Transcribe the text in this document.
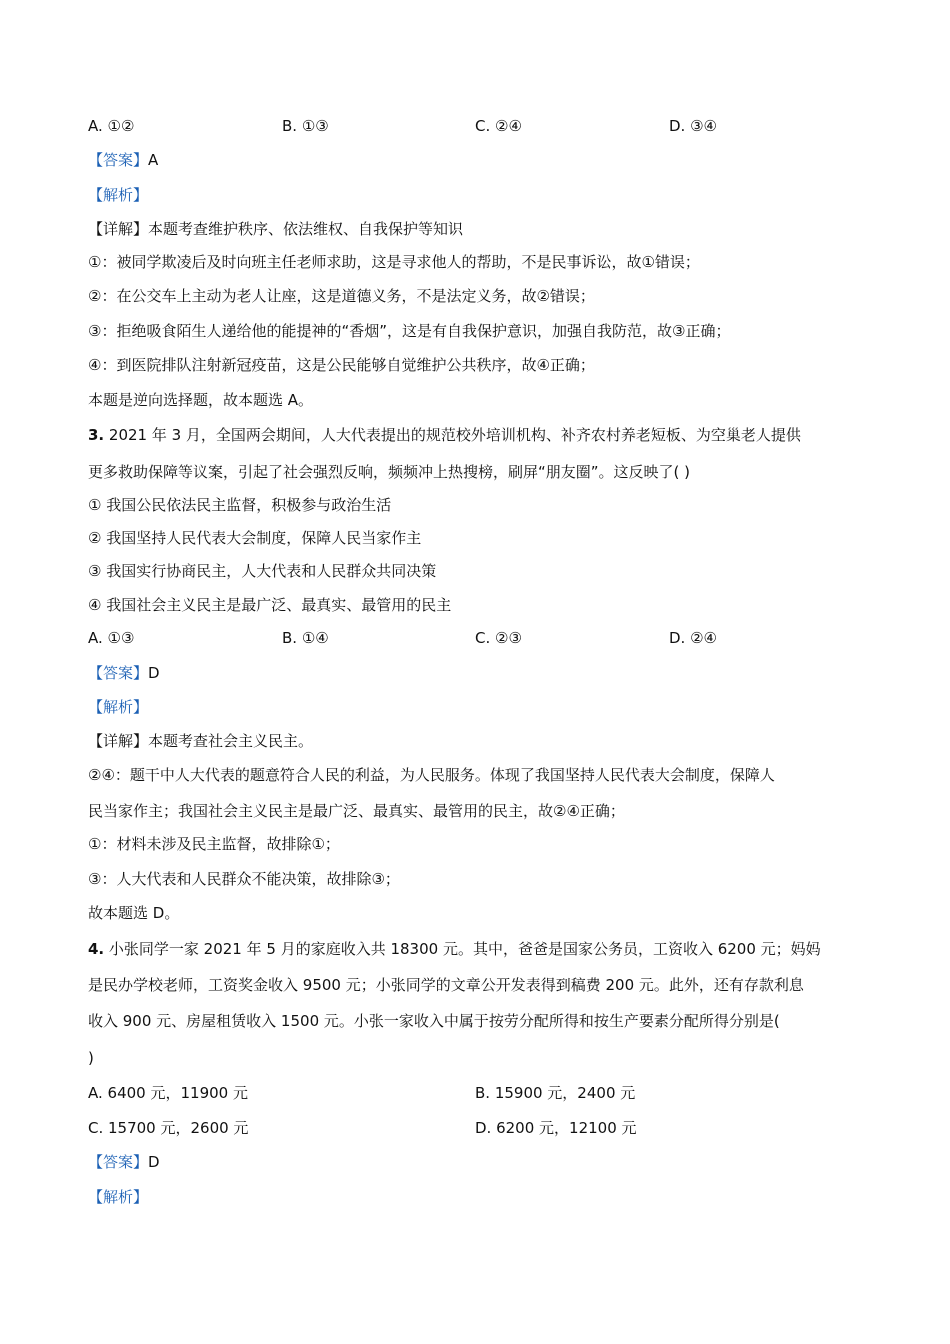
A. ①②	B. ①③	C. ②④	D. ③④
【答案】A
【解析】
【详解】本题考查维护秩序、依法维权、自我保护等知识
①：被同学欺凌后及时向班主任老师求助，这是寻求他人的帮助，不是民事诉讼，故①错误；
②：在公交车上主动为老人让座，这是道德义务，不是法定义务，故②错误；
③：拒绝吸食陌生人递给他的能提神的“香烟”，这是有自我保护意识，加强自我防范，故③正确；
④：到医院排队注射新冠疫苗，这是公民能够自觉维护公共秩序，故④正确；
本题是逆向选择题，故本题选 A。
3. 2021 年 3 月，全国两会期间，人大代表提出的规范校外培训机构、补齐农村养老短板、为空巢老人提供
更多救助保障等议案，引起了社会强烈反响，频频冲上热搜榜，刷屏“朋友圈”。这反映了( )
① 我国公民依法民主监督，积极参与政治生活
② 我国坚持人民代表大会制度，保障人民当家作主
③ 我国实行协商民主，人大代表和人民群众共同决策
④ 我国社会主义民主是最广泛、最真实、最管用的民主
A. ①③	B. ①④	C. ②③	D. ②④
【答案】D
【解析】
【详解】本题考查社会主义民主。
②④：题干中人大代表的题意符合人民的利益，为人民服务。体现了我国坚持人民代表大会制度，保障人
民当家作主；我国社会主义民主是最广泛、最真实、最管用的民主，故②④正确；
①：材料未涉及民主监督，故排除①；
③：人大代表和人民群众不能决策，故排除③；
故本题选 D。
4. 小张同学一家 2021 年 5 月的家庭收入共 18300 元。其中，爸爸是国家公务员，工资收入 6200 元；妈妈
是民办学校老师，工资奖金收入 9500 元；小张同学的文章公开发表得到稿费 200 元。此外，还有存款利息
收入 900 元、房屋租赁收入 1500 元。小张一家收入中属于按劳分配所得和按生产要素分配所得分别是(
)
A. 6400 元，11900 元	B. 15900 元，2400 元
C. 15700 元，2600 元	D. 6200 元，12100 元
【答案】D
【解析】
